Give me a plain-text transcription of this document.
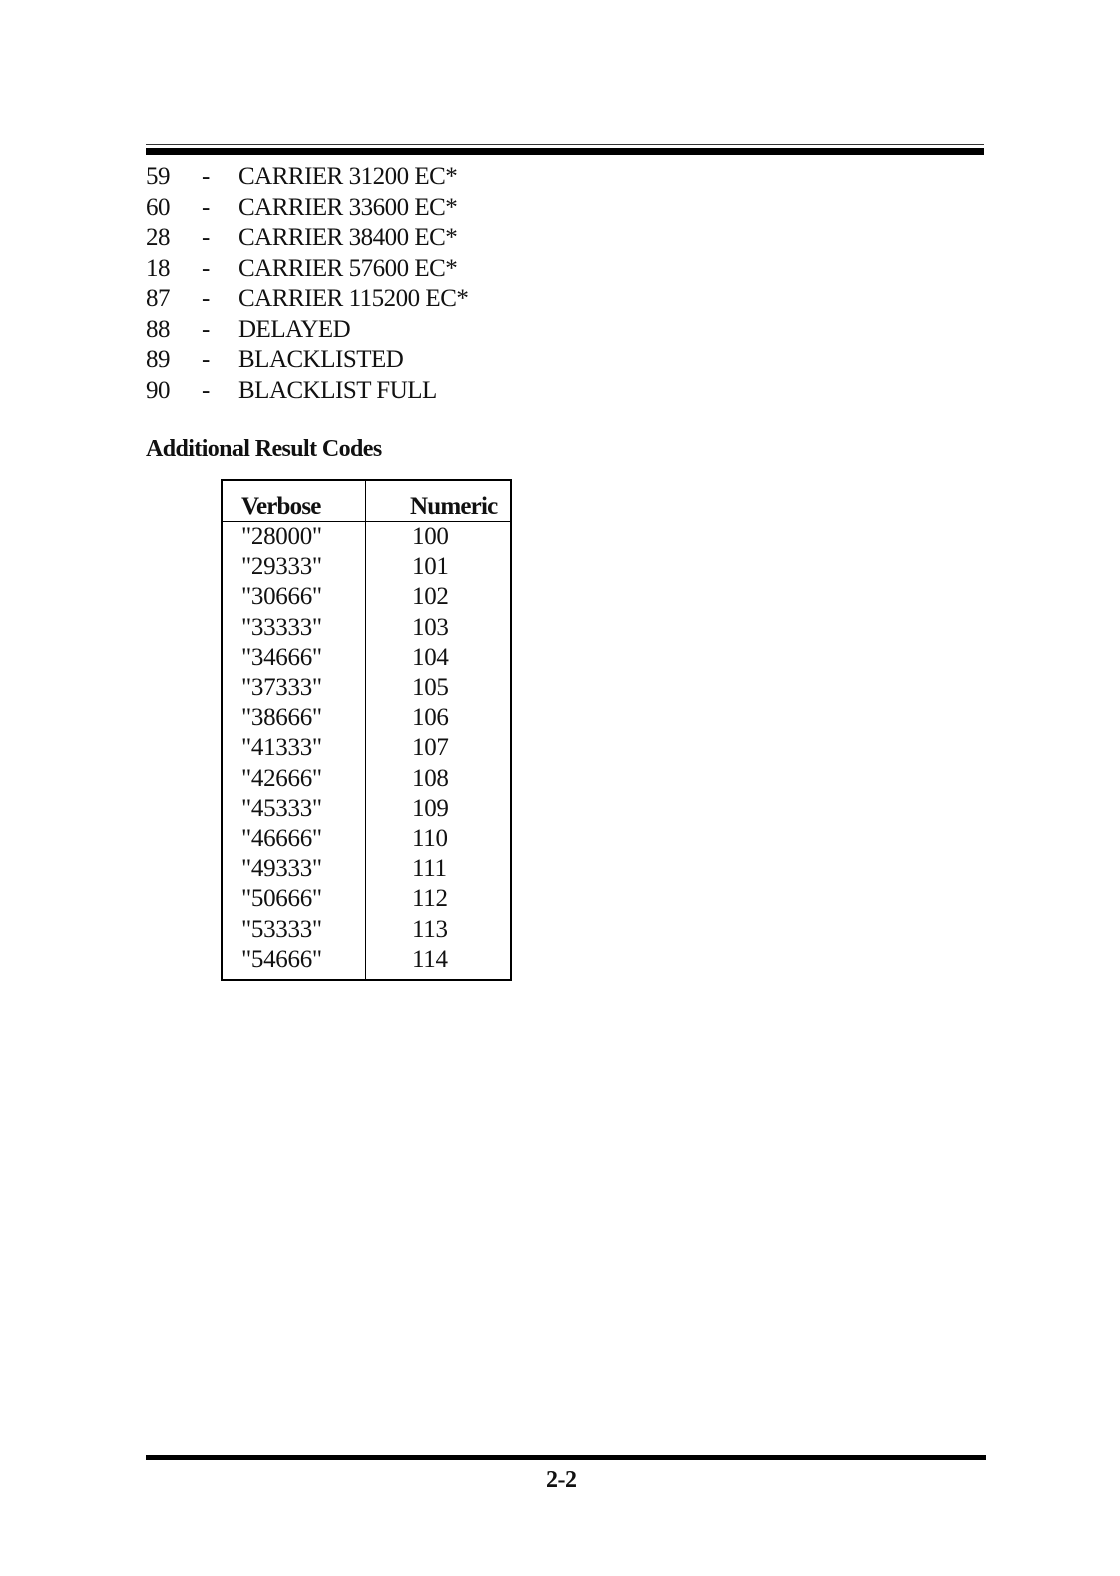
59 - CARRIER 31200 EC*
60 - CARRIER 33600 EC*
28 - CARRIER 38400 EC*
18 - CARRIER 57600 EC*
87 - CARRIER 115200 EC*
88 - DELAYED
89 - BLACKLISTED
90 - BLACKLIST FULL
Additional Result Codes
Verbose	Numeric
"28000"	100
"29333"	101
"30666"	102
"33333"	103
"34666"	104
"37333"	105
"38666"	106
"41333"	107
"42666"	108
"45333"	109
"46666"	110
"49333"	111
"50666"	112
"53333"	113
"54666"	114
2-2
